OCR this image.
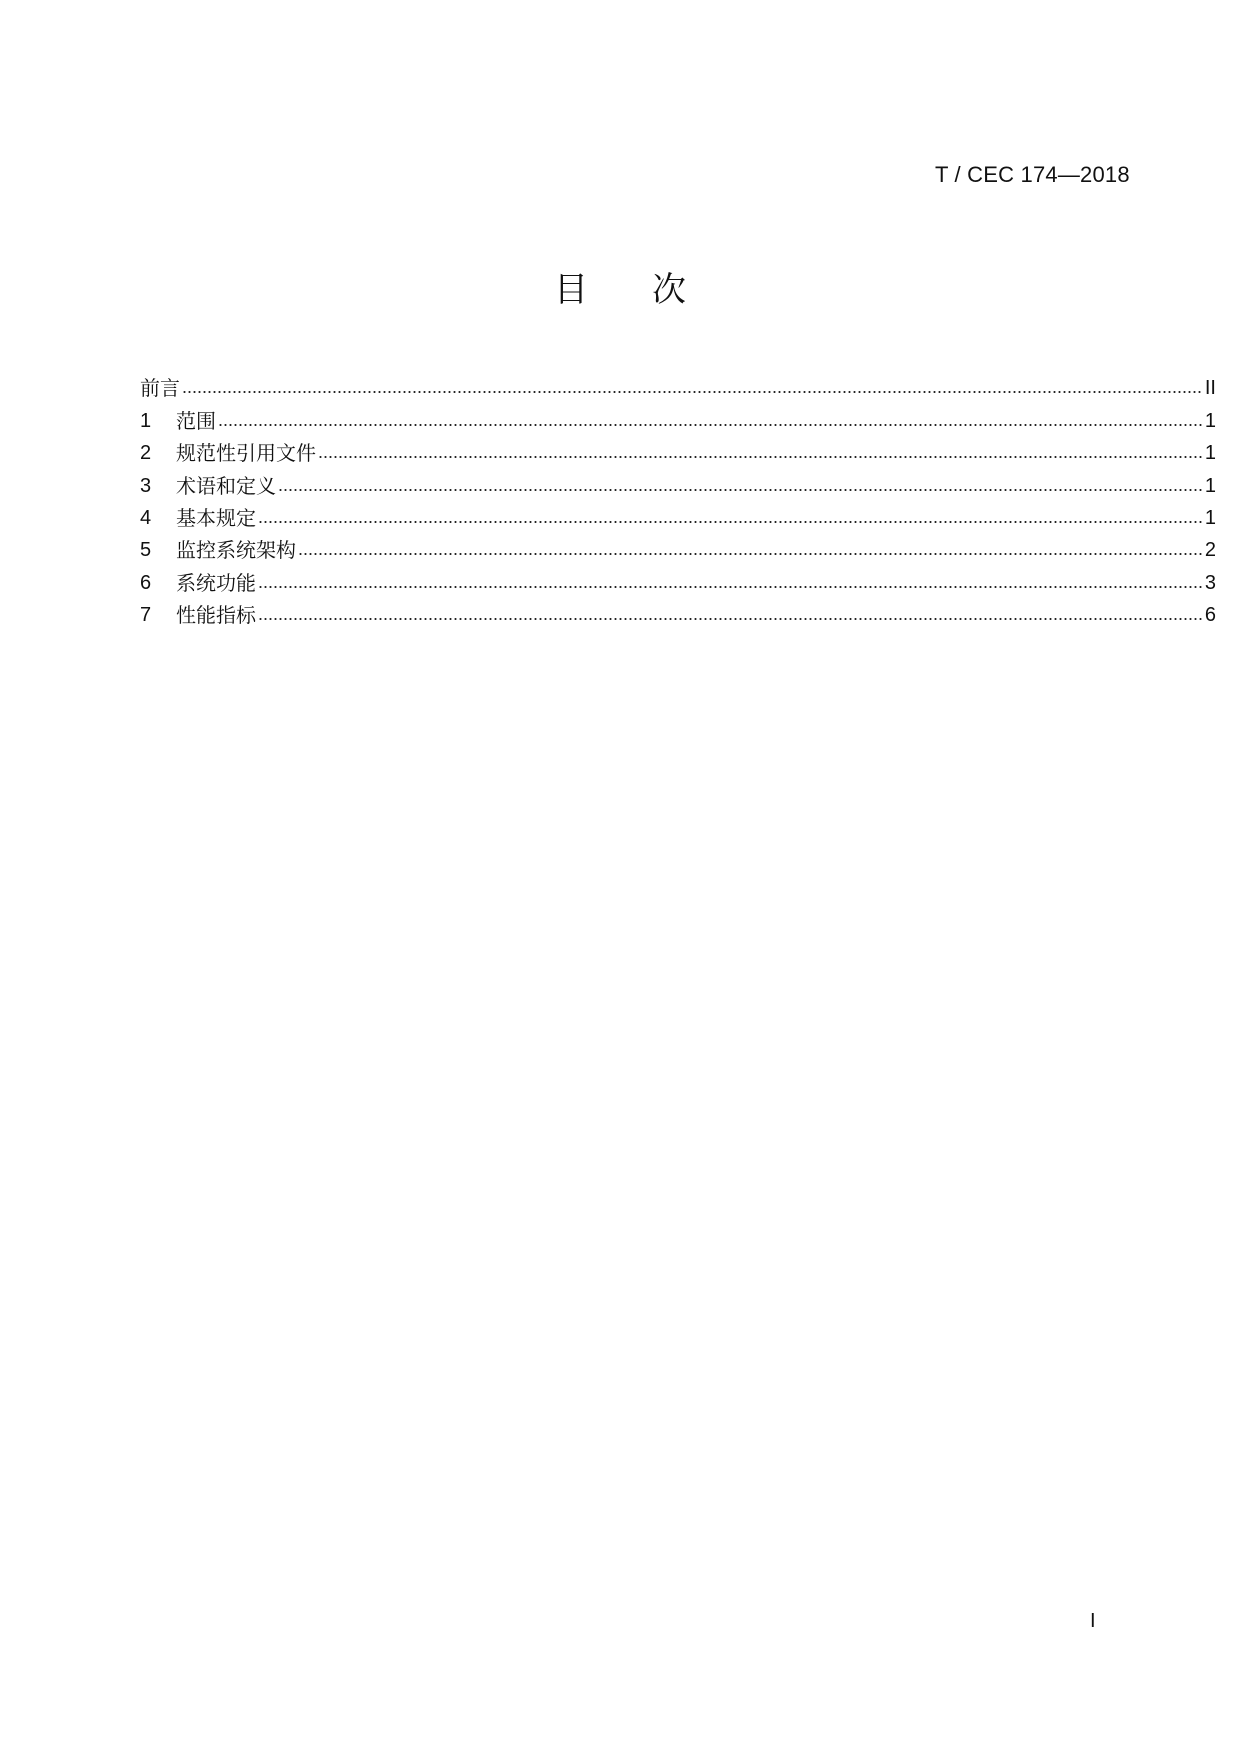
T / CEC 174—2018
目 次
前言	II
1	范围	1
2	规范性引用文件	1
3	术语和定义	1
4	基本规定	1
5	监控系统架构	2
6	系统功能	3
7	性能指标	6
I
